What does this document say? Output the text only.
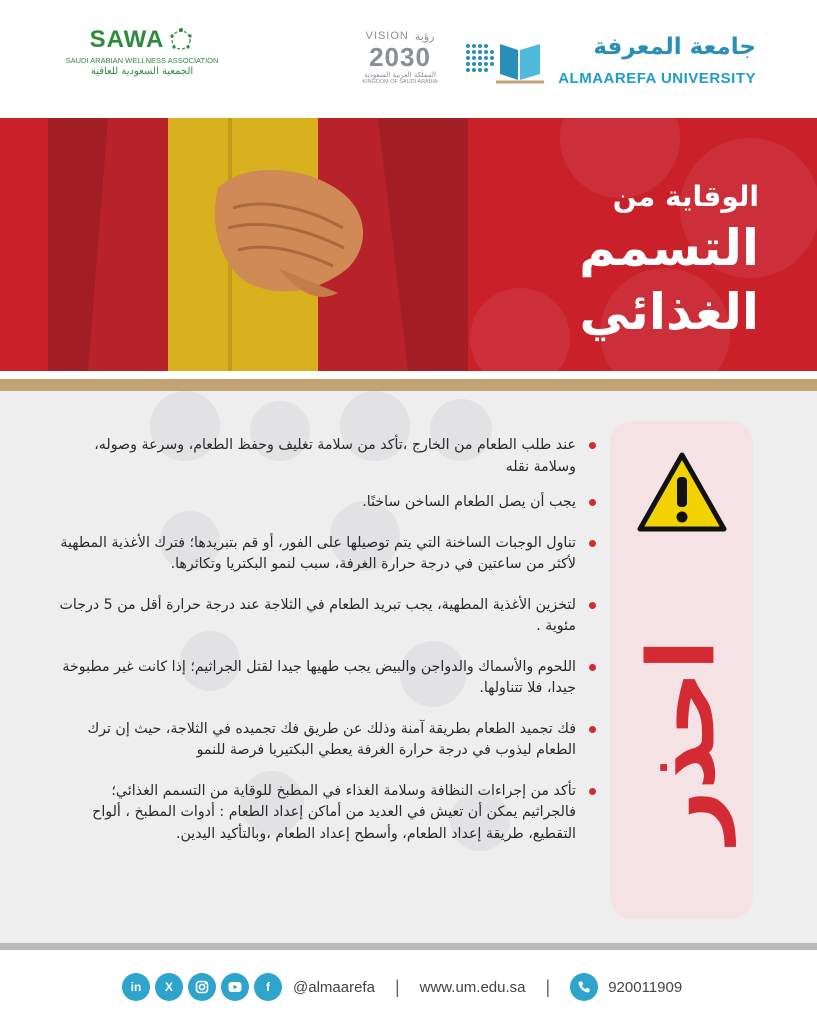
SAWA
SAUDI ARABIAN WELLNESS ASSOCIATION
الجمعية السعودية للعافية
VISION رؤية
2030
المملكة العربية السعودية
KINGDOM OF SAUDI ARABIA
جامعة المعرفة
ALMAAREFA UNIVERSITY
الوقاية من
التسمم
الغذائي
عند طلب الطعام من الخارج ،تأكد من سلامة تغليف وحفظ الطعام، وسرعة وصوله، وسلامة نقله
يجب أن يصل الطعام الساخن ساخنًا.
تناول الوجبات الساخنة التي يتم توصيلها على الفور، أو قم بتبريدها؛ فترك الأغذية المطهية لأكثر من ساعتين في درجة حرارة الغرفة، سبب لنمو البكتريا وتكاثرها.
لتخزين الأغذية المطهية، يجب تبريد الطعام في الثلاجة عند درجة حرارة أقل من 5 درجات مئوية .
اللحوم والأسماك والدواجن والبيض يجب طهيها جيدا لقتل الجراثيم؛ إذا كانت غير مطبوخة جيدا، فلا تتناولها.
فك تجميد الطعام بطريقة آمنة وذلك عن طريق فك تجميده في الثلاجة، حيث إن ترك الطعام ليذوب في درجة حرارة الغرفة يعطي البكتيريا فرصة للنمو
تأكد من إجراءات النظافة وسلامة الغذاء في المطبخ للوقاية من التسمم الغذائي؛ فالجراثيم يمكن أن تعيش في العديد من أماكن إعداد الطعام : أدوات المطبخ ، ألواح التقطيع، طريقة إعداد الطعام، وأسطح إعداد الطعام ،وبالتأكيد اليدين. احذر
in	X	f	@almaarefa | www.um.edu.sa |	920011909
